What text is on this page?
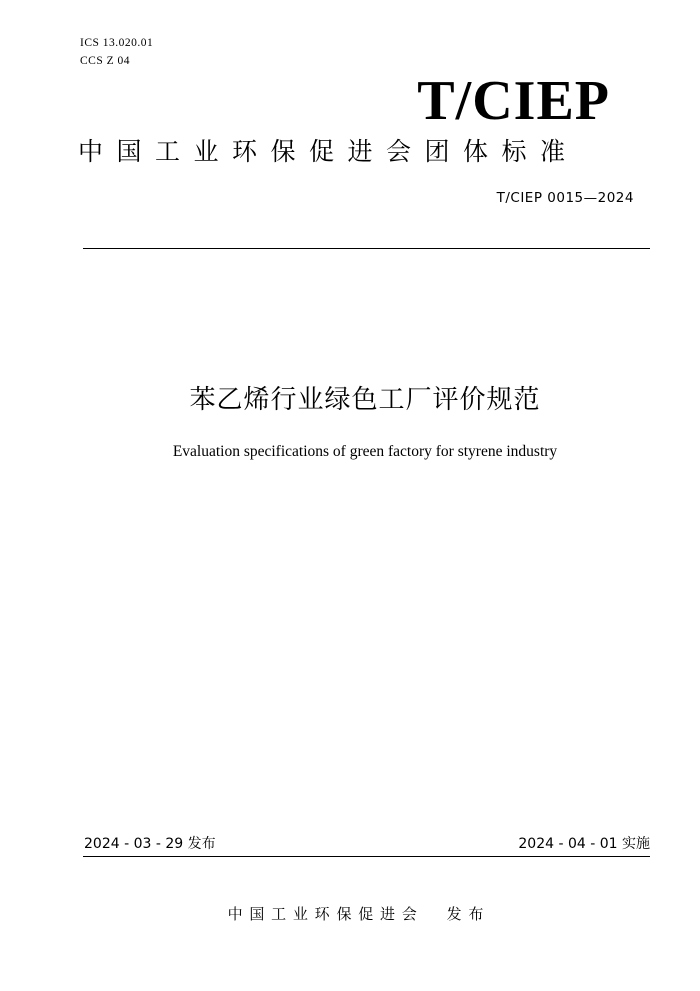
ICS 13.020.01
CCS Z 04
T/CIEP
中国工业环保促进会团体标准
T/CIEP 0015—2024
苯乙烯行业绿色工厂评价规范
Evaluation specifications of green factory for styrene industry
2024 - 03 - 29 发布	2024 - 04 - 01 实施
中 国 工 业 环 保 促 进 会     发 布
